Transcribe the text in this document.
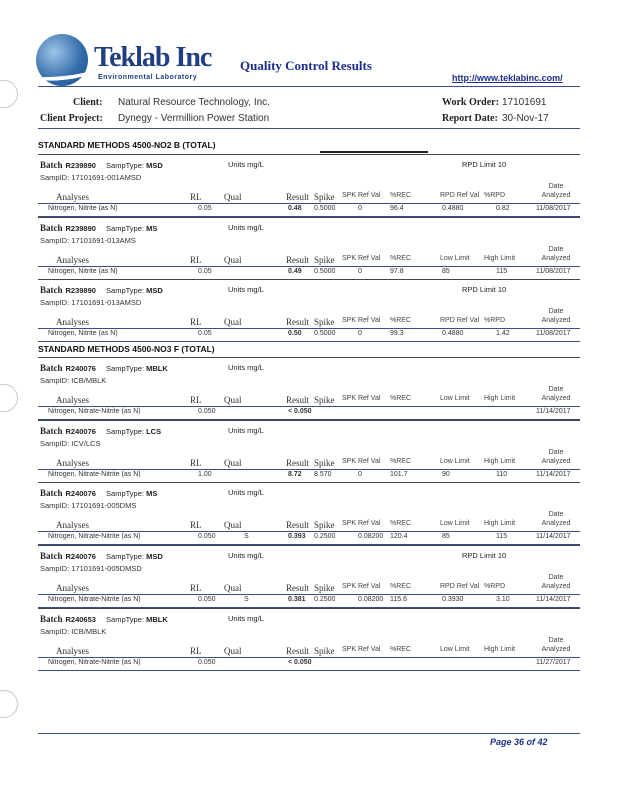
Teklab Inc
Environmental Laboratory
Quality Control Results
http://www.teklabinc.com/
Client: Natural Resource Technology, Inc.
Client Project: Dynegy - Vermillion Power Station
Work Order: 17101691
Report Date: 30-Nov-17
STANDARD METHODS 4500-NO2 B (TOTAL)
Batch R239890 SampType: MSD	Units mg/L	RPD Limit 10
SampID: 17101691-001AMSD
Date
Analyzed
Analyses	RL Qual	Result Spike SPK Ref Val %REC	RPD Ref Val %RPD
Nitrogen, Nitrite (as N)	0.05	0.48 0.5000	0	96.4	0.4880	0.82	11/08/2017
Batch R239890 SampType: MS	Units mg/L
SampID: 17101691-013AMS
Date
Analyzed
Analyses	RL Qual	Result Spike SPK Ref Val %REC	Low Limit High Limit
Nitrogen, Nitrite (as N)	0.05	0.49 0.5000	0	97.8	85	115	11/08/2017
Batch R239890 SampType: MSD	Units mg/L	RPD Limit 10
SampID: 17101691-013AMSD
Date
Analyzed
Analyses	RL Qual	Result Spike SPK Ref Val %REC	RPD Ref Val %RPD
Nitrogen, Nitrite (as N)	0.05	0.50 0.5000	0	99.3	0.4880	1.42	11/08/2017
STANDARD METHODS 4500-NO3 F (TOTAL)
Batch R240076 SampType: MBLK	Units mg/L
SampID: ICB/MBLK
Date
Analyzed
Analyses	RL Qual	Result Spike SPK Ref Val %REC	Low Limit High Limit
Nitrogen, Nitrate-Nitrite (as N)	0.050	< 0.050	11/14/2017
Batch R240076 SampType: LCS	Units mg/L
SampID: ICV/LCS
Date
Analyzed
Analyses	RL Qual	Result Spike SPK Ref Val %REC	Low Limit High Limit
Nitrogen, Nitrate-Nitrite (as N)	1.00	8.72 8.570	0	101.7	90	110	11/14/2017
Batch R240076 SampType: MS	Units mg/L
SampID: 17101691-005DMS
Date
Analyzed
Analyses	RL Qual	Result Spike SPK Ref Val %REC	Low Limit High Limit
Nitrogen, Nitrate-Nitrite (as N)	0.050	S	0.393 0.2500	0.08200 120.4	85	115	11/14/2017
Batch R240076 SampType: MSD	Units mg/L	RPD Limit 10
SampID: 17101691-005DMSD
Date
Analyzed
Analyses	RL Qual	Result Spike SPK Ref Val %REC	RPD Ref Val %RPD
Nitrogen, Nitrate-Nitrite (as N)	0.050	S	0.381 0.2500	0.08200 115.6	0.3930	3.10	11/14/2017
Batch R240653 SampType: MBLK	Units mg/L
SampID: ICB/MBLK
Date
Analyzed
Analyses	RL Qual	Result Spike SPK Ref Val %REC	Low Limit High Limit
Nitrogen, Nitrate-Nitrite (as N)	0.050	< 0.050	11/27/2017
Page 36 of 42
